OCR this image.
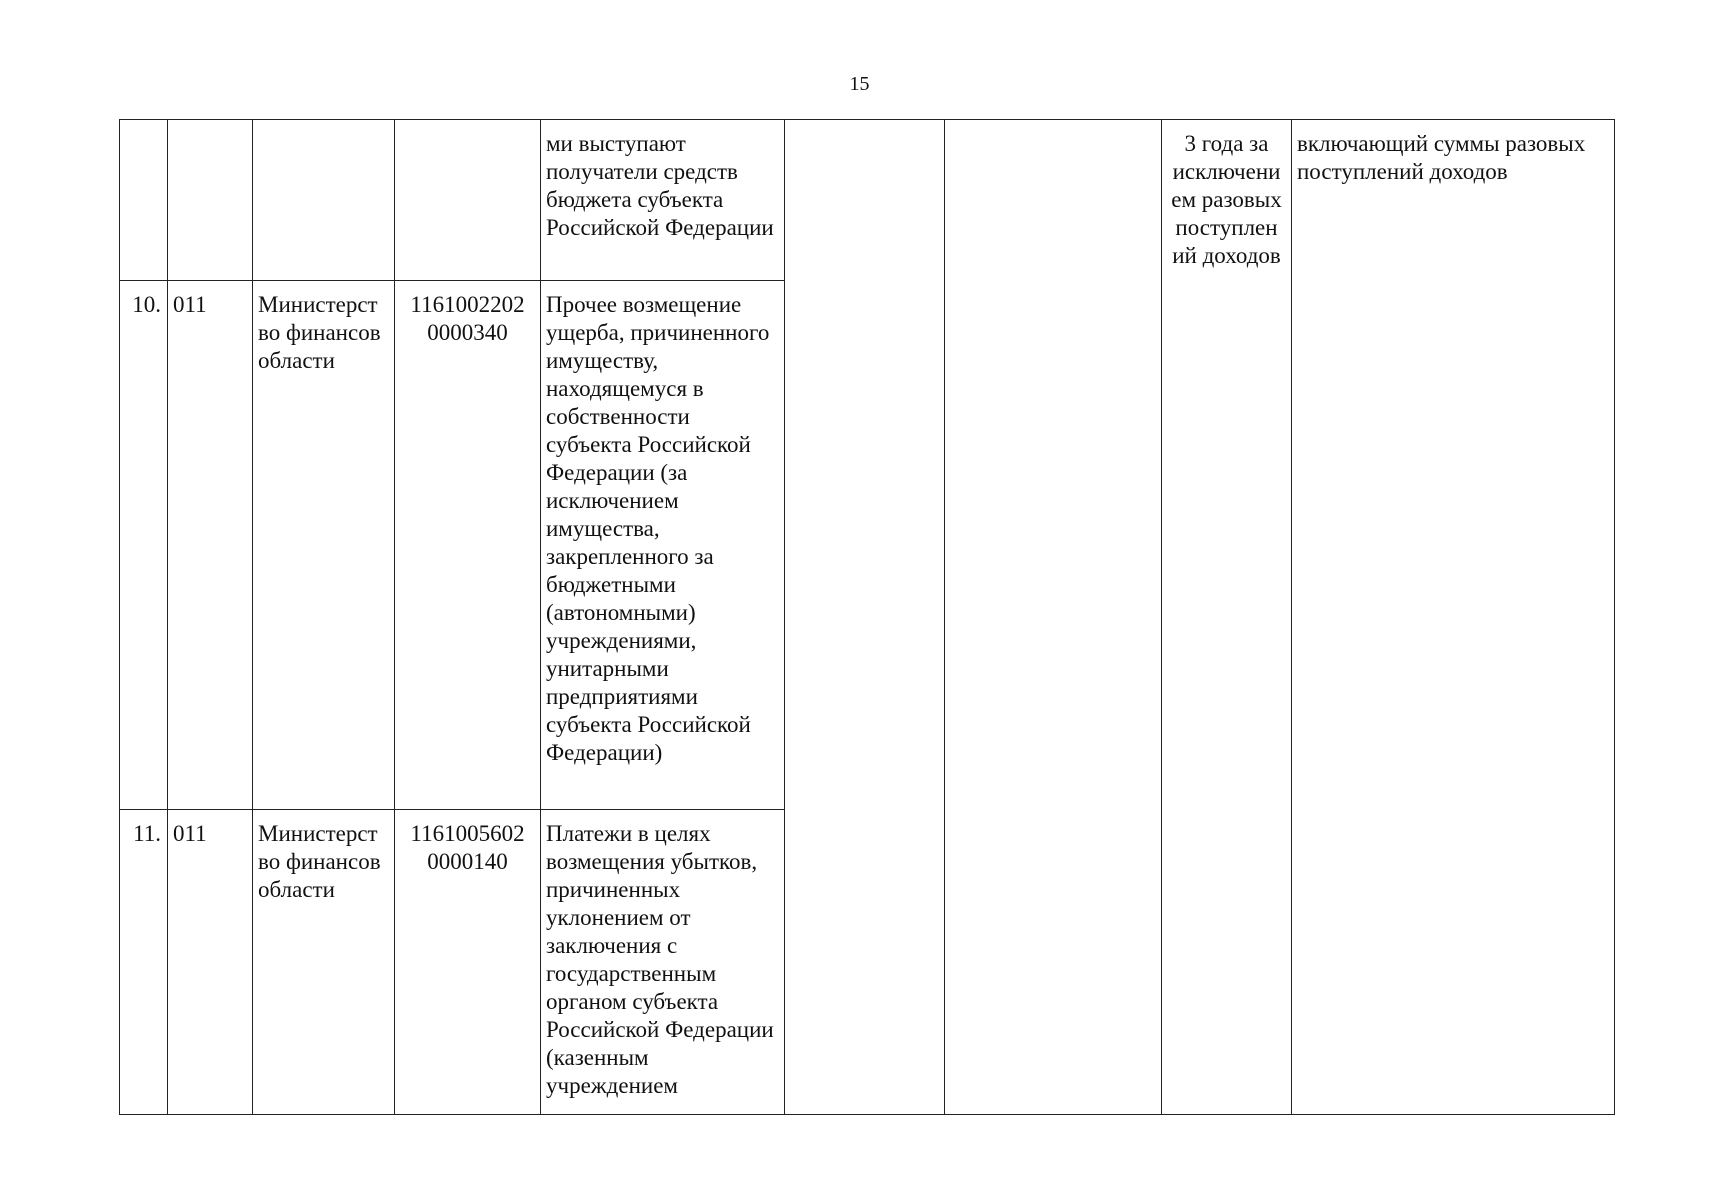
15
				ми выступают получатели средств бюджета субъекта Российской Федерации			3 года за исключени ем разовых поступлен ий доходов	включающий суммы разовых поступлений доходов
10.	011	Министерст во финансов области	1161002202 0000340	Прочее возмещение ущерба, причиненного имуществу, находящемуся в собственности субъекта Российской Федерации (за исключением имущества, закрепленного за бюджетными (автономными) учреждениями, унитарными предприятиями субъекта Российской Федерации)				
11.	011	Министерст во финансов области	1161005602 0000140	Платежи в целях возмещения убытков, причиненных уклонением от заключения с государственным органом субъекта Российской Федерации (казенным учреждением				
